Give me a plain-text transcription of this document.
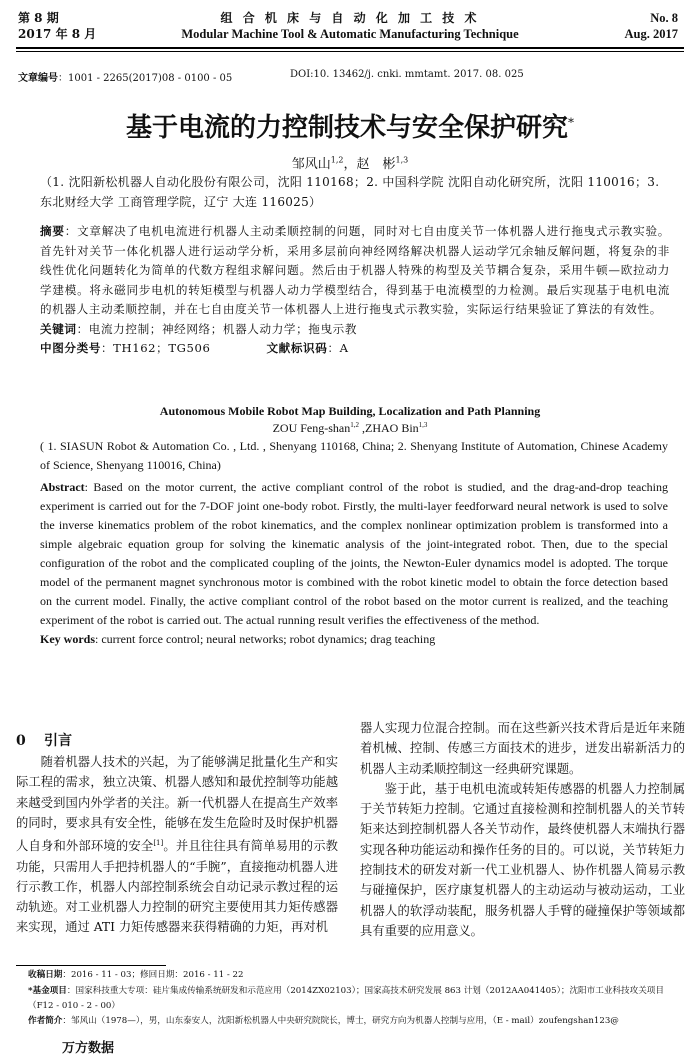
第 8 期
2017 年 8 月
组 合 机 床 与 自 动 化 加 工 技 术
Modular Machine Tool & Automatic Manufacturing Technique
No. 8
Aug. 2017
文章编号：1001 - 2265(2017)08 - 0100 - 05	DOI:10. 13462/j. cnki. mmtamt. 2017. 08. 025
基于电流的力控制技术与安全保护研究*
邹风山$^{1,2}$，赵　彬$^{1,3}$
（1. 沈阳新松机器人自动化股份有限公司，沈阳 110168；2. 中国科学院 沈阳自动化研究所，沈阳 110016；3. 东北财经大学 工商管理学院，辽宁 大连 116025）
摘要：文章解决了电机电流进行机器人主动柔顺控制的问题，同时对七自由度关节一体机器人进行拖曳式示教实验。首先针对关节一体化机器人进行运动学分析，采用多层前向神经网络解决机器人运动学冗余轴反解问题，将复杂的非线性优化问题转化为简单的代数方程组求解问题。然后由于机器人特殊的构型及关节耦合复杂，采用牛顿—欧拉动力学建模。将永磁同步电机的转矩模型与机器人动力学模型结合，得到基于电流模型的力检测。最后实现基于电机电流的机器人主动柔顺控制，并在七自由度关节一体机器人上进行拖曳式示教实验，实际运行结果验证了算法的有效性。
关键词：电流力控制；神经网络；机器人动力学；拖曳示教
中图分类号：TH162；TG506	文献标识码：A
Autonomous Mobile Robot Map Building, Localization and Path Planning
ZOU Feng-shan$^{1,2}$ ,ZHAO Bin$^{1,3}$
( 1. SIASUN Robot & Automation Co. , Ltd. , Shenyang 110168, China; 2. Shenyang Institute of Automation, Chinese Academy of Science, Shenyang 110016, China)
Abstract: Based on the motor current, the active compliant control of the robot is studied, and the drag-and-drop teaching experiment is carried out for the 7-DOF joint one-body robot. Firstly, the multi-layer feedforward neural network is used to solve the inverse kinematics problem of the robot kinematics, and the complex nonlinear optimization problem is transformed into a simple algebraic equation group for solving the kinematic analysis of the joint-integrated robot. Then, due to the special configuration of the robot and the complicated coupling of the joints, the Newton-Euler dynamics model is adopted. The torque model of the permanent magnet synchronous motor is combined with the robot kinetic model to obtain the force detection based on the current model. Finally, the active compliant control of the robot based on the motor current is realized, and the teaching experiment of the robot is carried out. The actual running result verifies the effectiveness of the method.
Key words: current force control; neural networks; robot dynamics; drag teaching
0 引言

随着机器人技术的兴起，为了能够满足批量化生产和实际工程的需求，独立决策、机器人感知和最优控制等功能越来越受到国内外学者的关注。新一代机器人在提高生产效率的同时，要求具有安全性，能够在发生危险时及时保护机器人自身和外部环境的安全[1]。并且往往具有简单易用的示教功能，只需用人手把持机器人的“手腕”，直接拖动机器人进行示教工作，机器人内部控制系统会自动记录示教过程的运动轨迹。对工业机器人力控制的研究主要使用其力矩传感器来实现，通过 ATI 力矩传感器来获得精确的力矩，再对机

器人实现力位混合控制。而在这些新兴技术背后是近年来随着机械、控制、传感三方面技术的进步，迸发出崭新活力的机器人主动柔顺控制这一经典研究课题。

鉴于此，基于电机电流或转矩传感器的机器人力控制属于关节转矩力控制。它通过直接检测和控制机器人的关节转矩来达到控制机器人各关节动作，最终使机器人末端执行器实现各种功能运动和操作任务的目的。可以说，关节转矩力控制技术的研发对新一代工业机器人、协作机器人简易示教与碰撞保护，医疗康复机器人的主动运动与被动运动，工业机器人的软浮动装配，服务机器人手臂的碰撞保护等领域都具有重要的应用意义。

收稿日期：2016 - 11 - 03；修回日期：2016 - 11 - 22
*基金项目：国家科技重大专项：硅片集成传输系统研发和示范应用（2014ZX02103）；国家高技术研究发展 863 计划（2012AA041405）；沈阳市工业科技攻关项目（F12 - 010 - 2 - 00）
作者简介：邹风山（1978—），男，山东泰安人，沈阳新松机器人中央研究院院长，博士，研究方向为机器人控制与应用，（E - mail）zoufengshan123@
万方数据
